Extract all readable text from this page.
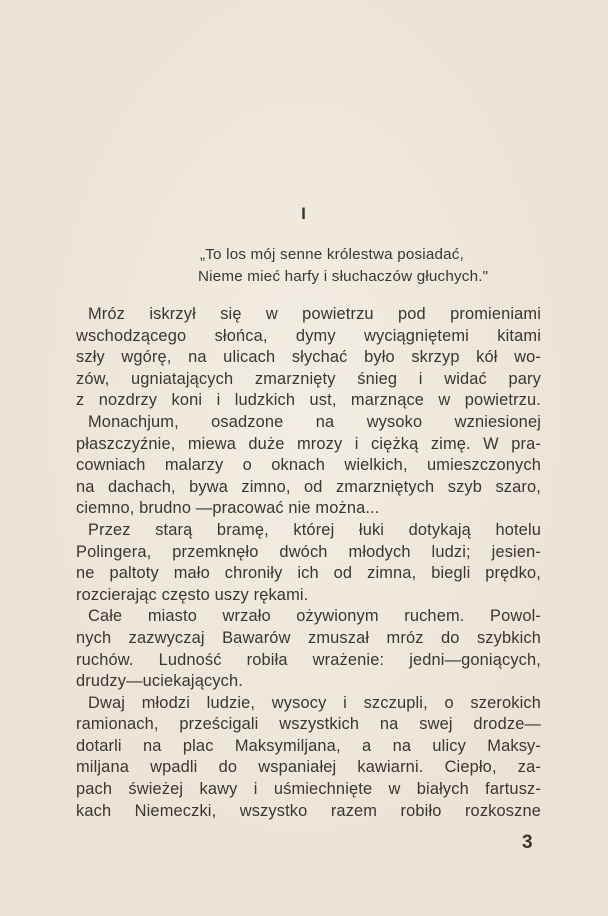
I
„To los mój senne królestwa posiadać,
Nieme mieć harfy i słuchaczów głuchych."
Mróz iskrzył się w powietrzu pod promieniami
wschodzącego słońca, dymy wyciągniętemi kitami
szły wgórę, na ulicach słychać było skrzyp kół wo-
zów, ugniatających zmarznięty śnieg i widać pary
z nozdrzy koni i ludzkich ust, marznące w powietrzu.
Monachjum, osadzone na wysoko wzniesionej
płaszczyźnie, miewa duże mrozy i ciężką zimę. W pra-
cowniach malarzy o oknach wielkich, umieszczonych
na dachach, bywa zimno, od zmarzniętych szyb szaro,
ciemno, brudno —pracować nie można...
Przez starą bramę, której łuki dotykają hotelu
Polingera, przemknęło dwóch młodych ludzi; jesien-
ne paltoty mało chroniły ich od zimna, biegli prędko,
rozcierając często uszy rękami.
Całe miasto wrzało ożywionym ruchem. Powol-
nych zazwyczaj Bawarów zmuszał mróz do szybkich
ruchów. Ludność robiła wrażenie: jedni—goniących,
drudzy—uciekających.
Dwaj młodzi ludzie, wysocy i szczupli, o szerokich
ramionach, prześcigali wszystkich na swej drodze—
dotarli na plac Maksymiljana, a na ulicy Maksy-
miljana wpadli do wspaniałej kawiarni. Ciepło, za-
pach świeżej kawy i uśmiechnięte w białych fartusz-
kach Niemeczki, wszystko razem robiło rozkoszne
3
